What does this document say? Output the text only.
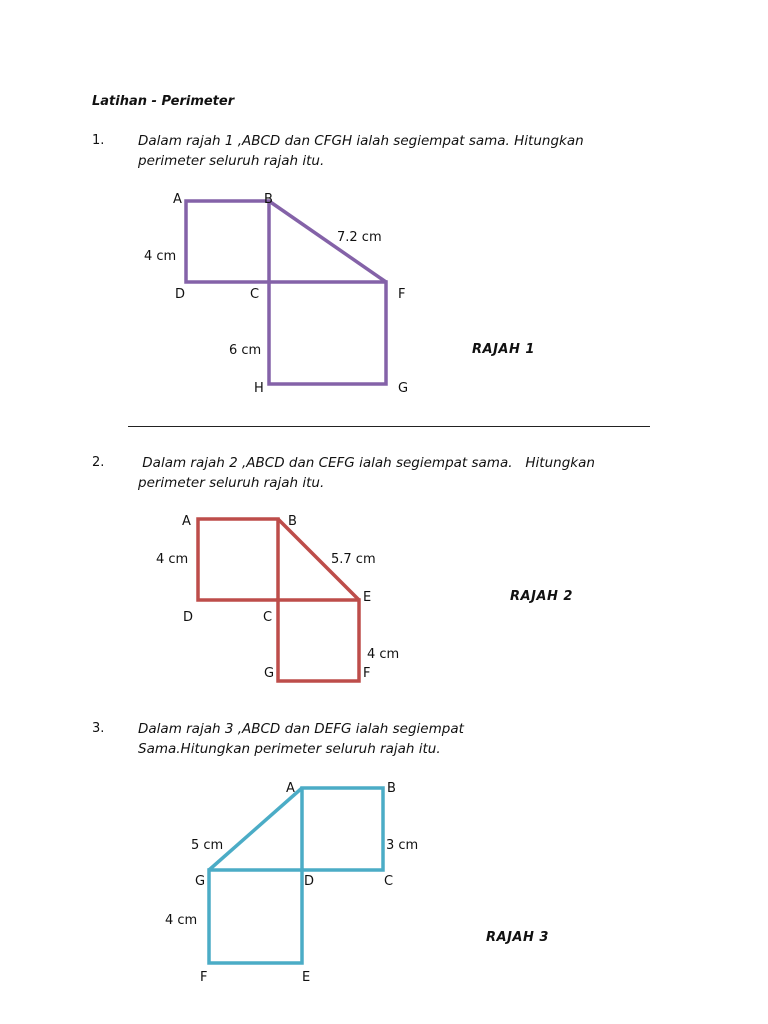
Latihan - Perimeter
1. Dalam rajah 1 ,ABCD dan CFGH ialah segiempat sama. Hitungkan
perimeter seluruh rajah itu.
RAJAH 1
2. Dalam rajah 2 ,ABCD dan CEFG ialah segiempat sama.   Hitungkan
perimeter seluruh rajah itu.
RAJAH 2
3. Dalam rajah 3 ,ABCD dan DEFG ialah segiempat
Sama.Hitungkan perimeter seluruh rajah itu.
RAJAH 3
A	B
4 cm
7.2 cm
D	C	F
6 cm
H	G
A	B
4 cm	5.7 cm
E
D	C
4 cm
G	F
A	B
5 cm	3 cm
G	D	C
4 cm
F	E
